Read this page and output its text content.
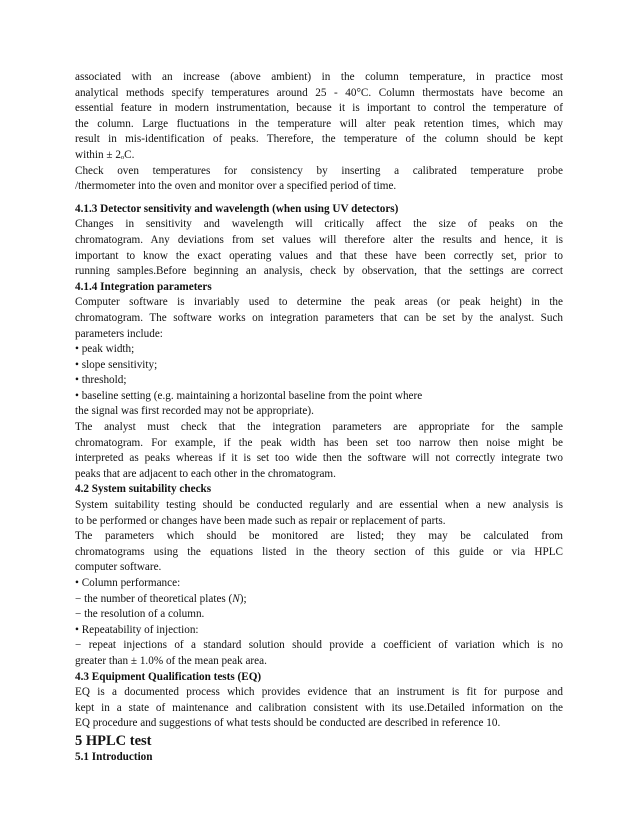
associated with an increase (above ambient) in the column temperature, in practice most
analytical methods specify temperatures around 25 - 40°C. Column thermostats have become an
essential feature in modern instrumentation, because it is important to control the temperature of
the column. Large fluctuations in the temperature will alter peak retention times, which may
result in mis-identification of peaks. Therefore, the temperature of the column should be kept
within ± 2ₒC.
Check oven temperatures for consistency by inserting a calibrated temperature probe
/thermometer into the oven and monitor over a specified period of time.
4.1.3 Detector sensitivity and wavelength (when using UV detectors)
Changes in sensitivity and wavelength will critically affect the size of peaks on the
chromatogram. Any deviations from set values will therefore alter the results and hence, it is
important to know the exact operating values and that these have been correctly set, prior to
running samples.Before beginning an analysis, check by observation, that the settings are correct
4.1.4 Integration parameters
Computer software is invariably used to determine the peak areas (or peak height) in the
chromatogram. The software works on integration parameters that can be set by the analyst. Such
parameters include:
• peak width;
• slope sensitivity;
• threshold;
• baseline setting (e.g. maintaining a horizontal baseline from the point where
the signal was first recorded may not be appropriate).
The analyst must check that the integration parameters are appropriate for the sample
chromatogram. For example, if the peak width has been set too narrow then noise might be
interpreted as peaks whereas if it is set too wide then the software will not correctly integrate two
peaks that are adjacent to each other in the chromatogram.
4.2 System suitability checks
System suitability testing should be conducted regularly and are essential when a new analysis is
to be performed or changes have been made such as repair or replacement of parts.
The parameters which should be monitored are listed; they may be calculated from
chromatograms using the equations listed in the theory section of this guide or via HPLC
computer software.
• Column performance:
− the number of theoretical plates (N);
− the resolution of a column.
• Repeatability of injection:
− repeat injections of a standard solution should provide a coefficient of variation which is no
greater than ± 1.0% of the mean peak area.
4.3 Equipment Qualification tests (EQ)
EQ is a documented process which provides evidence that an instrument is fit for purpose and
kept in a state of maintenance and calibration consistent with its use.Detailed information on the
EQ procedure and suggestions of what tests should be conducted are described in reference 10.
5 HPLC test
5.1 Introduction
